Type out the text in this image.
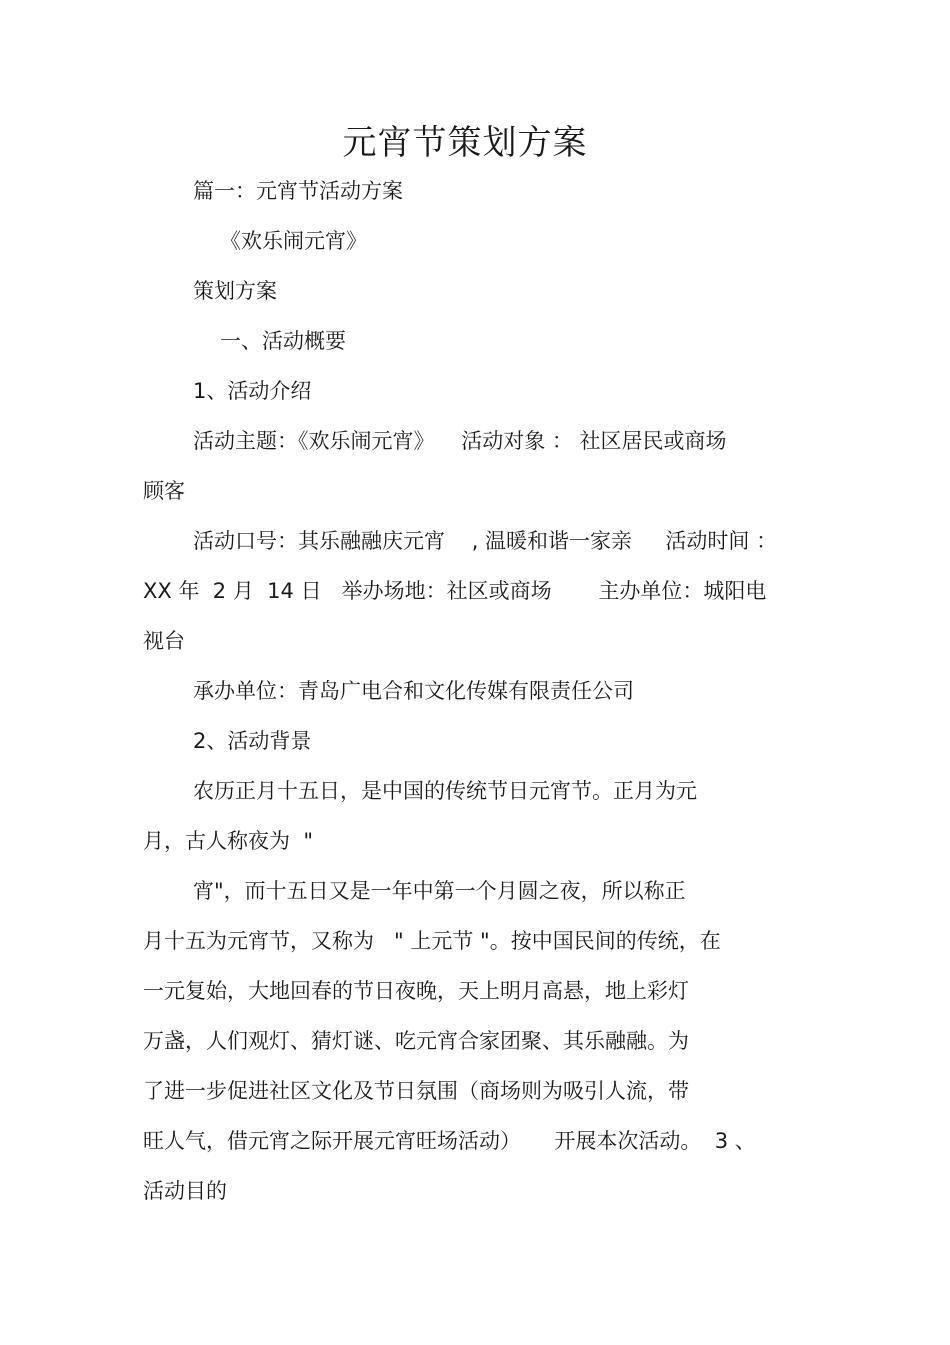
元宵节策划方案

篇一：元宵节活动方案

《欢乐闹元宵》

策划方案

一、活动概要

1、活动介绍

活动主题：《欢乐闹元宵》    活动对象 ： 社区居民或商场

顾客

活动口号：其乐融融庆元宵    , 温暖和谐一家亲     活动时间 ：

XX 年  2 月  14 日   举办场地：社区或商场       主办单位：城阳电

视台

承办单位：青岛广电合和文化传媒有限责任公司

2、活动背景

农历正月十五日，是中国的传统节日元宵节。正月为元

月，古人称夜为  "

宵"，而十五日又是一年中第一个月圆之夜，所以称正

月十五为元宵节，又称为   " 上元节 "。按中国民间的传统，在

一元复始，大地回春的节日夜晚，天上明月高悬，地上彩灯

万盏，人们观灯、猜灯谜、吃元宵合家团聚、其乐融融。为

了进一步促进社区文化及节日氛围（商场则为吸引人流，带

旺人气，借元宵之际开展元宵旺场活动）     开展本次活动。  3 、

活动目的
